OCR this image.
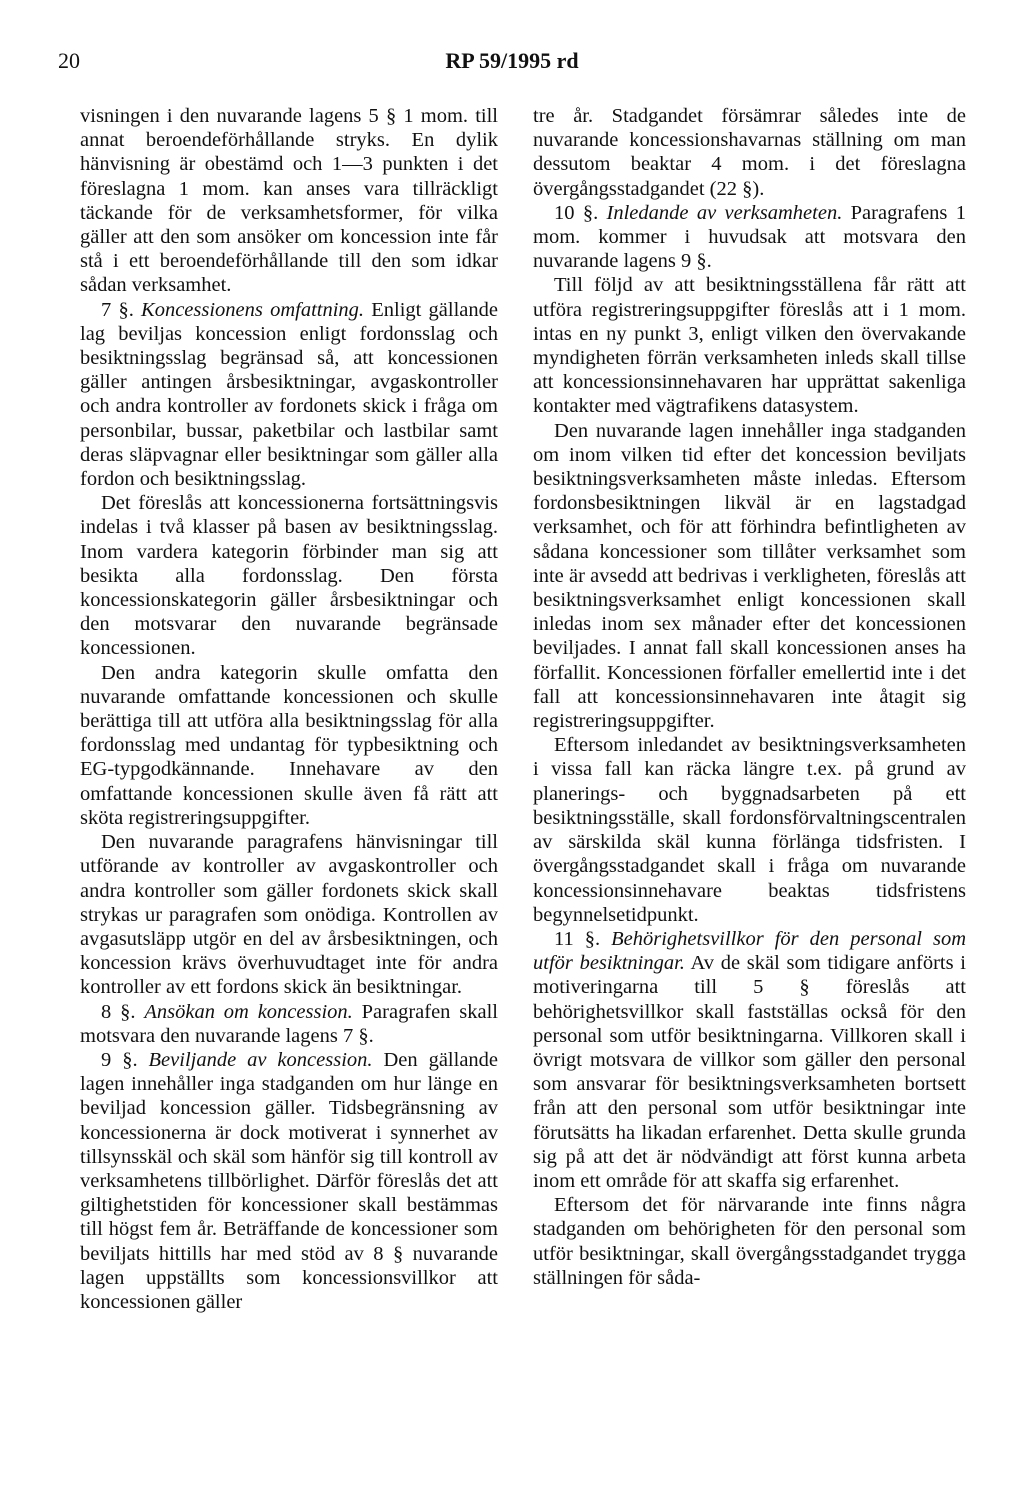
20	RP 59/1995 rd

visningen i den nuvarande lagens 5 § 1 mom. till annat beroendeförhållande stryks. En dylik hänvisning är obestämd och 1—3 punkten i det föreslagna 1 mom. kan anses vara tillräckligt täckande för de verksamhetsformer, för vilka gäller att den som ansöker om koncession inte får stå i ett beroendeförhållande till den som idkar sådan verksamhet.

7 §. Koncessionens omfattning. Enligt gällande lag beviljas koncession enligt fordonsslag och besiktningsslag begränsad så, att koncessionen gäller antingen årsbesiktningar, avgaskontroller och andra kontroller av fordonets skick i fråga om personbilar, bussar, paketbilar och lastbilar samt deras släpvagnar eller besiktningar som gäller alla fordon och besiktningsslag.

Det föreslås att koncessionerna fortsättningsvis indelas i två klasser på basen av besiktningsslag. Inom vardera kategorin förbinder man sig att besikta alla fordonsslag. Den första koncessionskategorin gäller årsbesiktningar och den motsvarar den nuvarande begränsade koncessionen.

Den andra kategorin skulle omfatta den nuvarande omfattande koncessionen och skulle berättiga till att utföra alla besiktningsslag för alla fordonsslag med undantag för typbesiktning och EG-typgodkännande. Innehavare av den omfattande koncessionen skulle även få rätt att sköta registreringsuppgifter.

Den nuvarande paragrafens hänvisningar till utförande av kontroller av avgaskontroller och andra kontroller som gäller fordonets skick skall strykas ur paragrafen som onödiga. Kontrollen av avgasutsläpp utgör en del av årsbesiktningen, och koncession krävs överhuvudtaget inte för andra kontroller av ett fordons skick än besiktningar.

8 §. Ansökan om koncession. Paragrafen skall motsvara den nuvarande lagens 7 §.

9 §. Beviljande av koncession. Den gällande lagen innehåller inga stadganden om hur länge en beviljad koncession gäller. Tidsbegränsning av koncessionerna är dock motiverat i synnerhet av tillsynsskäl och skäl som hänför sig till kontroll av verksamhetens tillbörlighet. Därför föreslås det att giltighetstiden för koncessioner skall bestämmas till högst fem år. Beträffande de koncessioner som beviljats hittills har med stöd av 8 § nuvarande lagen uppställts som koncessionsvillkor att koncessionen gäller

tre år. Stadgandet försämrar således inte de nuvarande koncessionshavarnas ställning om man dessutom beaktar 4 mom. i det föreslagna övergångsstadgandet (22 §).

10 §. Inledande av verksamheten. Paragrafens 1 mom. kommer i huvudsak att motsvara den nuvarande lagens 9 §.

Till följd av att besiktningsställena får rätt att utföra registreringsuppgifter föreslås att i 1 mom. intas en ny punkt 3, enligt vilken den övervakande myndigheten förrän verksamheten inleds skall tillse att koncessionsinnehavaren har upprättat sakenliga kontakter med vägtrafikens datasystem.

Den nuvarande lagen innehåller inga stadganden om inom vilken tid efter det koncession beviljats besiktningsverksamheten måste inledas. Eftersom fordonsbesiktningen likväl är en lagstadgad verksamhet, och för att förhindra befintligheten av sådana koncessioner som tillåter verksamhet som inte är avsedd att bedrivas i verkligheten, föreslås att besiktningsverksamhet enligt koncessionen skall inledas inom sex månader efter det koncessionen beviljades. I annat fall skall koncessionen anses ha förfallit. Koncessionen förfaller emellertid inte i det fall att koncessionsinnehavaren inte åtagit sig registreringsuppgifter.

Eftersom inledandet av besiktningsverksamheten i vissa fall kan räcka längre t.ex. på grund av planerings- och byggnadsarbeten på ett besiktningsställe, skall fordonsförvaltningscentralen av särskilda skäl kunna förlänga tidsfristen. I övergångsstadgandet skall i fråga om nuvarande koncessionsinnehavare beaktas tidsfristens begynnelsetidpunkt.

11 §. Behörighetsvillkor för den personal som utför besiktningar. Av de skäl som tidigare anförts i motiveringarna till 5 § föreslås att behörighetsvillkor skall fastställas också för den personal som utför besiktningarna. Villkoren skall i övrigt motsvara de villkor som gäller den personal som ansvarar för besiktningsverksamheten bortsett från att den personal som utför besiktningar inte förutsätts ha likadan erfarenhet. Detta skulle grunda sig på att det är nödvändigt att först kunna arbeta inom ett område för att skaffa sig erfarenhet.

Eftersom det för närvarande inte finns några stadganden om behörigheten för den personal som utför besiktningar, skall övergångsstadgandet trygga ställningen för såda-
